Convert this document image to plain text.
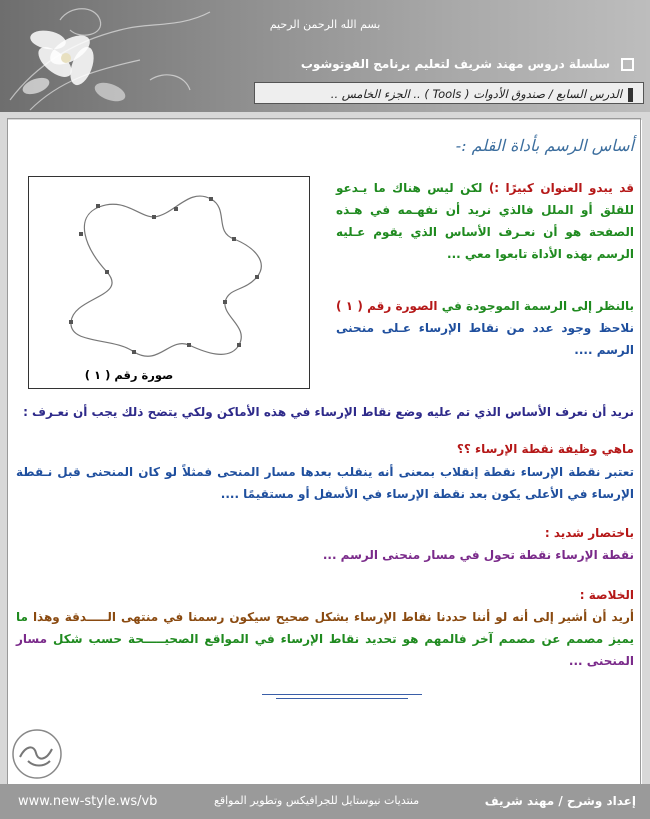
بسم الله الرحمن الرحيم
سلسلة دروس مهند شريف لتعليم برنامج الفوتوشوب
الدرس السابع / صندوق الأدوات ( Tools ) .. الجزء الخامس ..
أساس الرسم بأداة القلم :-
صورة رقم ( ١ )
قد يبدو العنوان كبيرًا :) لكن ليس هناك ما يـدعو للقلق أو الملل فالذي نريد أن نفهـمه في هـذه الصفحة هو أن نعـرف الأساس الذي يقوم عـليه الرسم بهذه الأداة تابعوا معي ...
بالنظر إلى الرسمة الموجودة في الصورة رقم ( ١ ) نلاحظ وجود عدد من نقاط الإرساء عـلى منحنى الرسم ....
نريد أن نعرف الأساس الذي تم عليه وضع نقاط الإرساء في هذه الأماكن ولكي يتضح ذلك يجب أن نعـرف :
ماهي وظيفة نقطة الإرساء ؟؟
تعتبر نقطة الإرساء نقطة إنقلاب بمعنى أنه ينقلب بعدها مسار المنحى فمثلاً لو كان المنحنى قبل نـقطة الإرساء في الأعلى يكون بعد نقطة الإرساء في الأسفل أو مستقيمًا ....
باختصار شديد :
نقطة الإرساء نقطة تحول في مسار منحنى الرسم ...
الخلاصة :
أريد أن أشير إلى أنه لو أننا حددنا نقاط الإرساء بشكل صحيح سيكون رسمنا في منتهى الـــــدقة وهذا ما يميز مصمم عن مصمم آخر فالمهم هو تحديد نقاط الإرساء في المواقع الصحيـــــحة حسب شكل مسار المنحنى ...
www.new-style.ws/vb	منتديات نيوستايل للجرافيكس وتطوير المواقع	إعداد وشرح / مهند شريف
